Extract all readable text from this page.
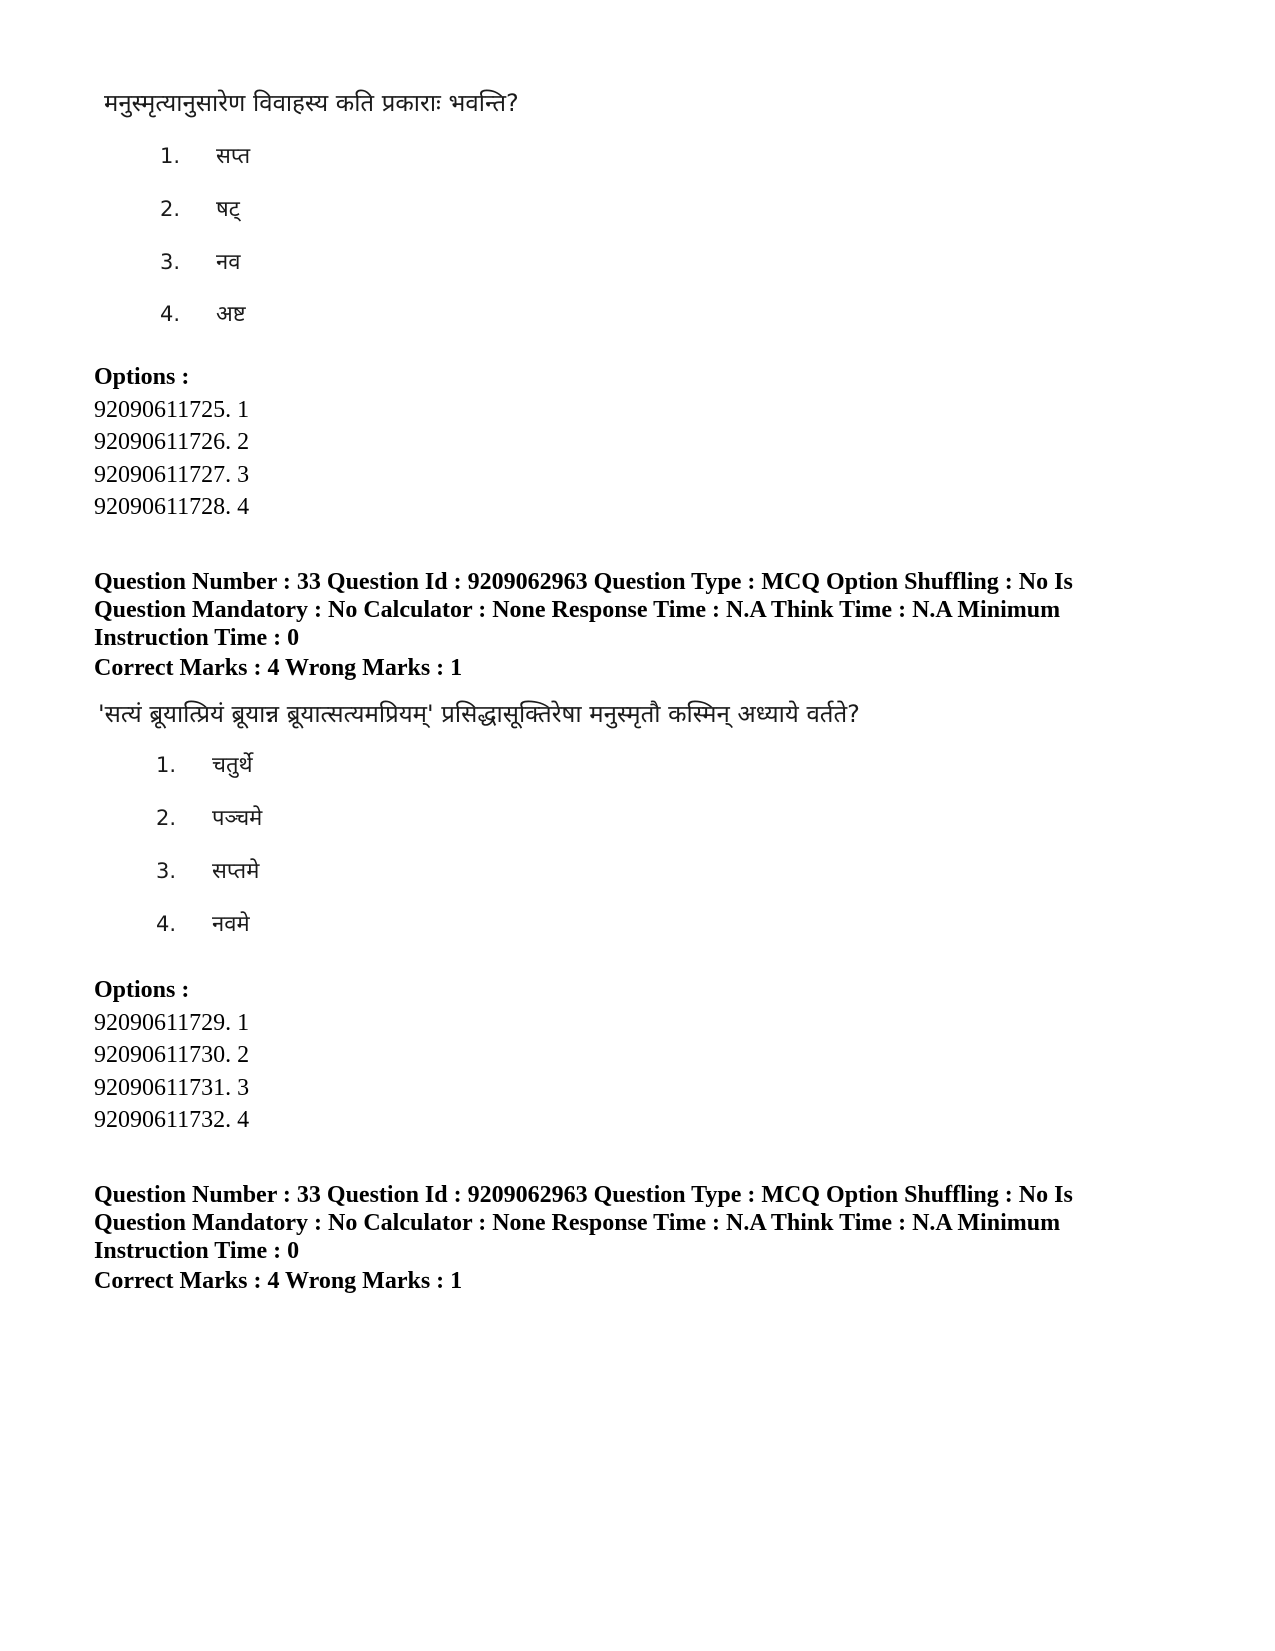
मनुस्मृत्यानुसारेण विवाहस्य कति प्रकाराः भवन्ति?
1. सप्त
2. षट्
3. नव
4. अष्ट
Options :
92090611725. 1
92090611726. 2
92090611727. 3
92090611728. 4
Question Number : 33 Question Id : 9209062963 Question Type : MCQ Option Shuffling : No Is
Question Mandatory : No Calculator : None Response Time : N.A Think Time : N.A Minimum
Instruction Time : 0
Correct Marks : 4 Wrong Marks : 1
'सत्यं ब्रूयात्प्रियं ब्रूयान्न ब्रूयात्सत्यमप्रियम्' प्रसिद्धासूक्तिरेषा मनुस्मृतौ कस्मिन् अध्याये वर्तते?
1. चतुर्थे
2. पञ्चमे
3. सप्तमे
4. नवमे
Options :
92090611729. 1
92090611730. 2
92090611731. 3
92090611732. 4
Question Number : 33 Question Id : 9209062963 Question Type : MCQ Option Shuffling : No Is
Question Mandatory : No Calculator : None Response Time : N.A Think Time : N.A Minimum
Instruction Time : 0
Correct Marks : 4 Wrong Marks : 1
